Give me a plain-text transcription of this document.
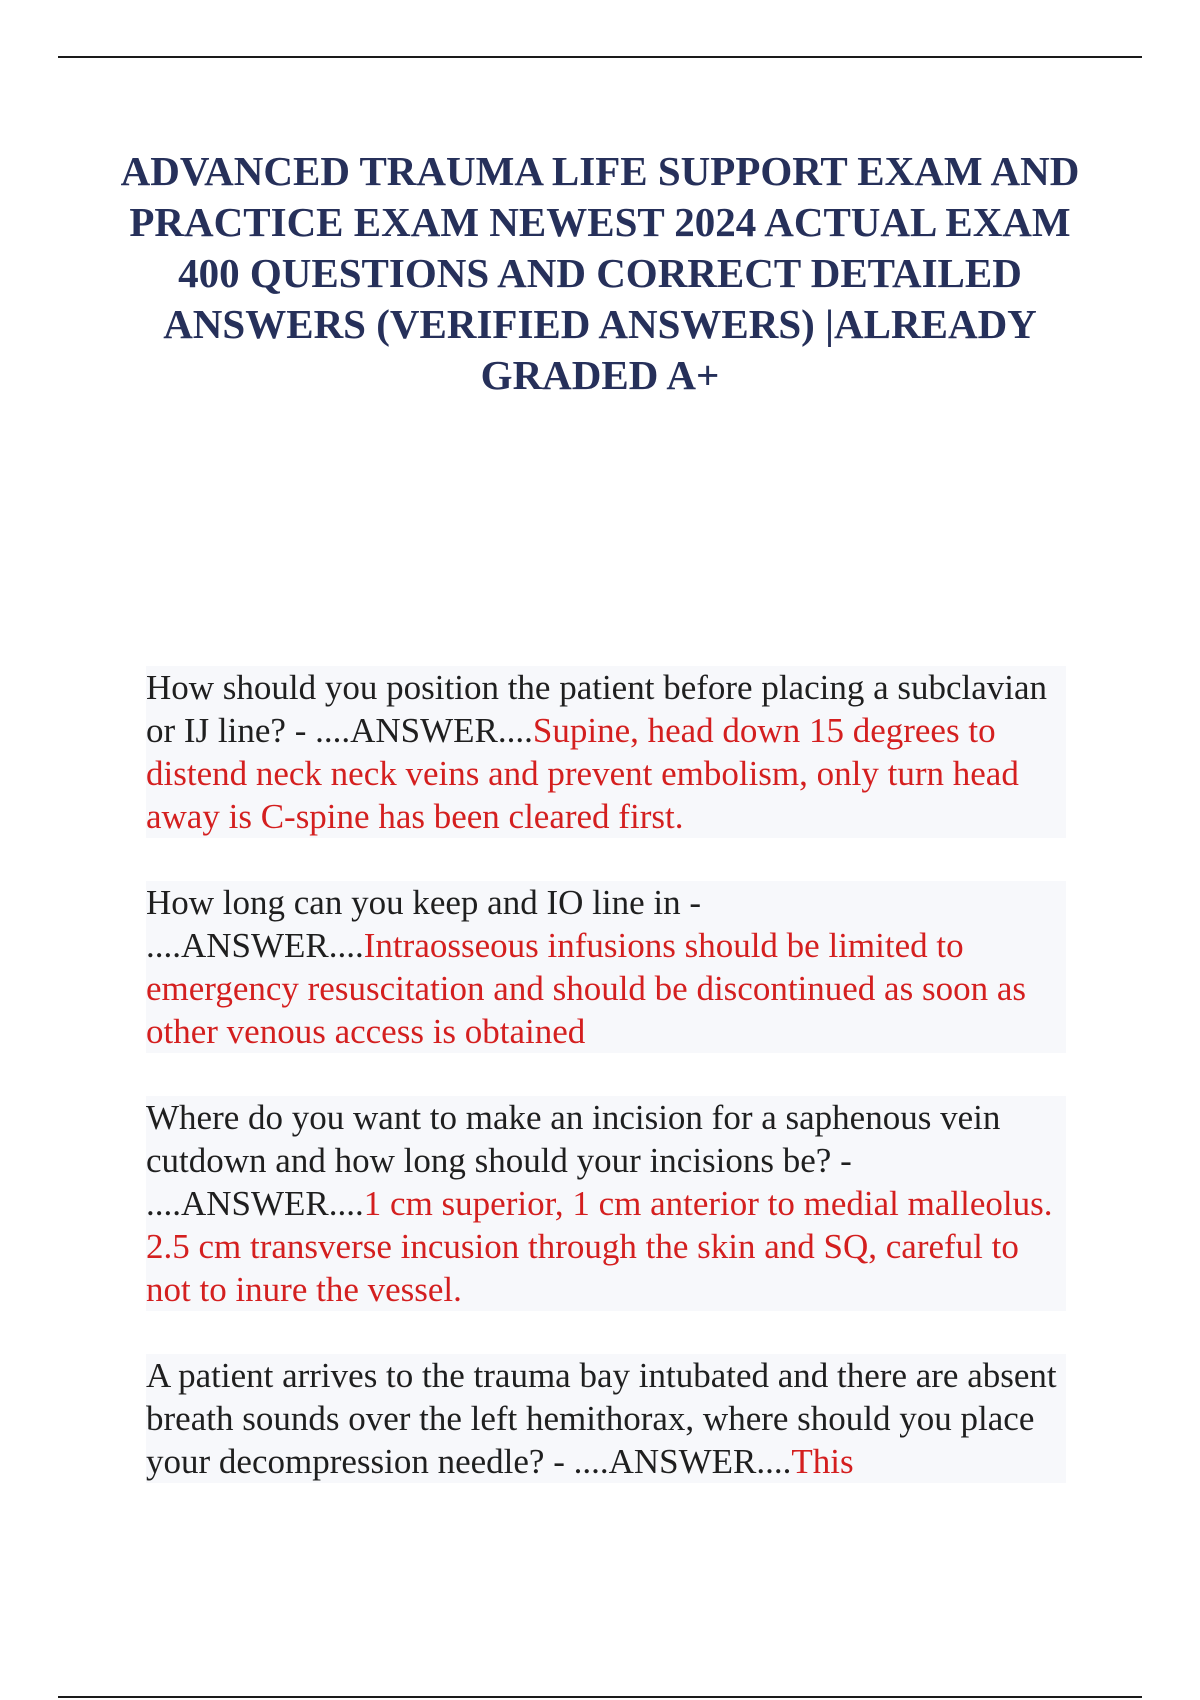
ADVANCED TRAUMA LIFE SUPPORT EXAM AND PRACTICE EXAM NEWEST 2024 ACTUAL EXAM 400 QUESTIONS AND CORRECT DETAILED ANSWERS (VERIFIED ANSWERS) |ALREADY GRADED A+

How should you position the patient before placing a subclavian or IJ line? - ....ANSWER....Supine, head down 15 degrees to distend neck neck veins and prevent embolism, only turn head away is C-spine has been cleared first.

How long can you keep and IO line in - ....ANSWER....Intraosseous infusions should be limited to emergency resuscitation and should be discontinued as soon as other venous access is obtained

Where do you want to make an incision for a saphenous vein cutdown and how long should your incisions be? - ....ANSWER....1 cm superior, 1 cm anterior to medial malleolus. 2.5 cm transverse incusion through the skin and SQ, careful to not to inure the vessel.

A patient arrives to the trauma bay intubated and there are absent breath sounds over the left hemithorax, where should you place your decompression needle? - ....ANSWER....This
